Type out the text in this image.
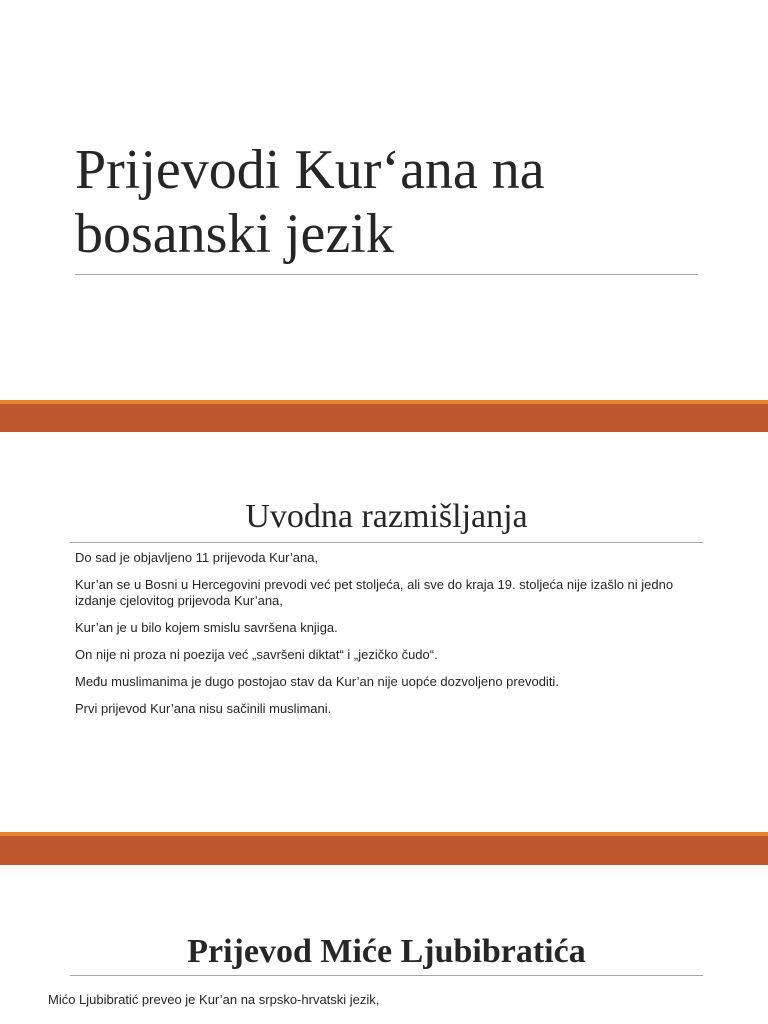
Prijevodi Kur‘ana na
bosanski jezik
Uvodna razmišljanja
Do sad je objavljeno 11 prijevoda Kur’ana,
Kur’an se u Bosni u Hercegovini prevodi već pet stoljeća, ali sve do kraja 19. stoljeća nije izašlo ni jedno izdanje cjelovitog prijevoda Kur’ana,
Kur’an je u bilo kojem smislu savršena knjiga.
On nije ni proza ni poezija već „savršeni diktat“ i „jezičko čudo“.
Među muslimanima je dugo postojao stav da Kur’an nije uopće dozvoljeno prevoditi.
Prvi prijevod Kur’ana nisu sačinili muslimani.
Prijevod Miće Ljubibratića

Mićo Ljubibratić preveo je Kur’an na srpsko-hrvatski jezik,
